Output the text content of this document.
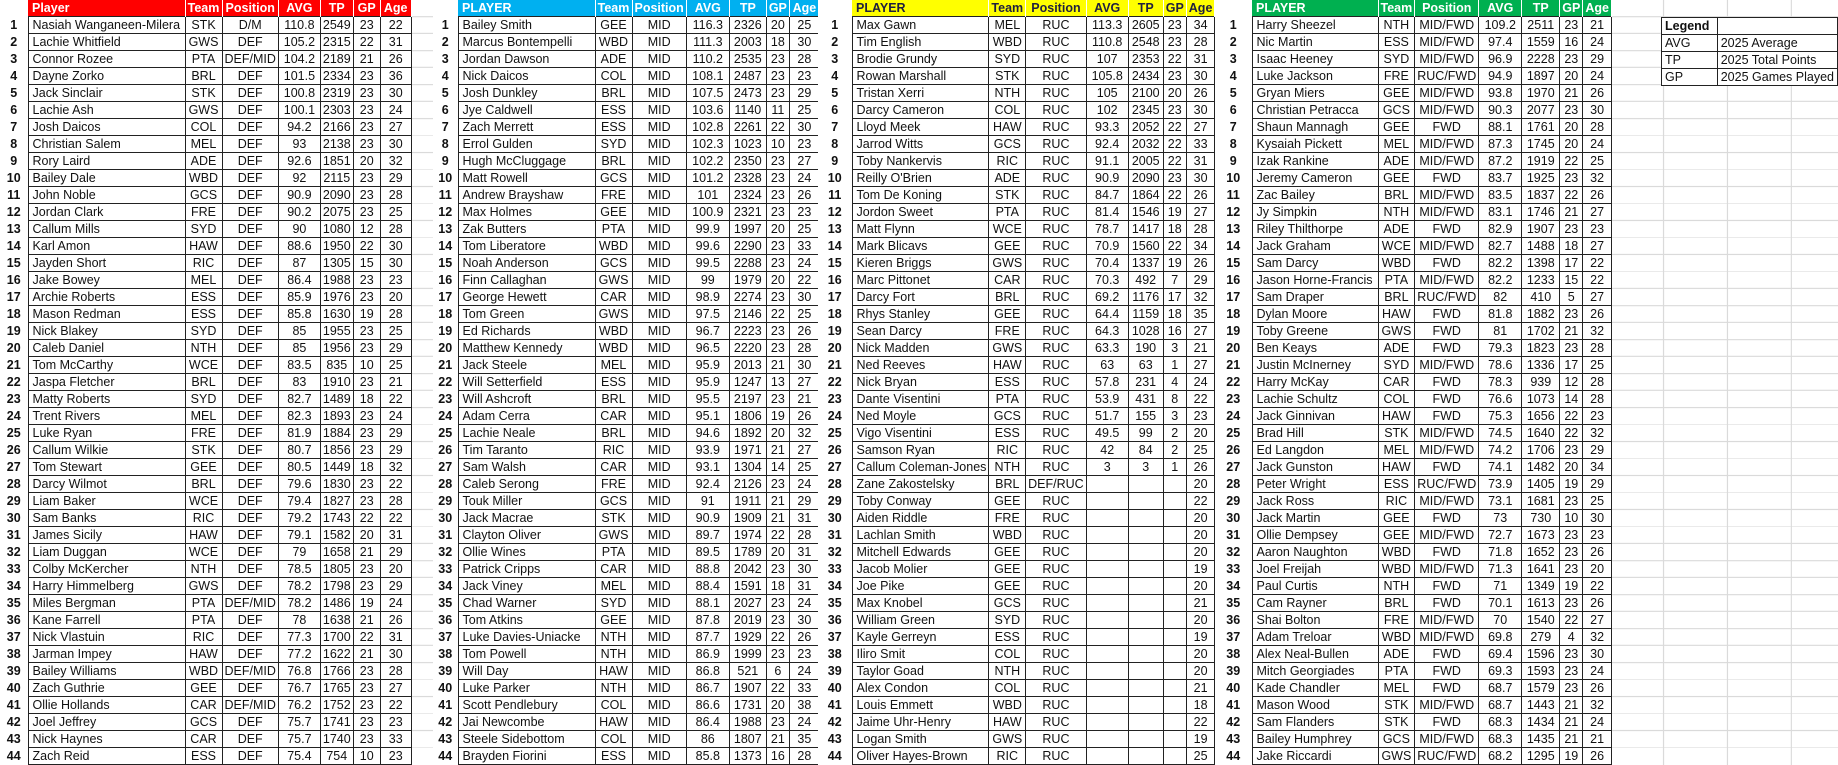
	Player	Team	Position	AVG	TP	GP	Age
1	Nasiah Wanganeen-Milera	STK	D/M	110.8	2549	23	22
2	Lachie Whitfield	GWS	DEF	105.2	2315	22	31
3	Connor Rozee	PTA	DEF/MID	104.2	2189	21	26
4	Dayne Zorko	BRL	DEF	101.5	2334	23	36
5	Jack Sinclair	STK	DEF	100.8	2319	23	30
6	Lachie Ash	GWS	DEF	100.1	2303	23	24
7	Josh Daicos	COL	DEF	94.2	2166	23	27
8	Christian Salem	MEL	DEF	93	2138	23	30
9	Rory Laird	ADE	DEF	92.6	1851	20	32
10	Bailey Dale	WBD	DEF	92	2115	23	29
11	John Noble	GCS	DEF	90.9	2090	23	28
12	Jordan Clark	FRE	DEF	90.2	2075	23	25
13	Callum Mills	SYD	DEF	90	1080	12	28
14	Karl Amon	HAW	DEF	88.6	1950	22	30
15	Jayden Short	RIC	DEF	87	1305	15	30
16	Jake Bowey	MEL	DEF	86.4	1988	23	23
17	Archie Roberts	ESS	DEF	85.9	1976	23	20
18	Mason Redman	ESS	DEF	85.8	1630	19	28
19	Nick Blakey	SYD	DEF	85	1955	23	25
20	Caleb Daniel	NTH	DEF	85	1956	23	29
21	Tom McCarthy	WCE	DEF	83.5	835	10	25
22	Jaspa Fletcher	BRL	DEF	83	1910	23	21
23	Matty Roberts	SYD	DEF	82.7	1489	18	22
24	Trent Rivers	MEL	DEF	82.3	1893	23	24
25	Luke Ryan	FRE	DEF	81.9	1884	23	29
26	Callum Wilkie	STK	DEF	80.7	1856	23	29
27	Tom Stewart	GEE	DEF	80.5	1449	18	32
28	Darcy Wilmot	BRL	DEF	79.6	1830	23	22
29	Liam Baker	WCE	DEF	79.4	1827	23	28
30	Sam Banks	RIC	DEF	79.2	1743	22	22
31	James Sicily	HAW	DEF	79.1	1582	20	31
32	Liam Duggan	WCE	DEF	79	1658	21	29
33	Colby McKercher	NTH	DEF	78.5	1805	23	20
34	Harry Himmelberg	GWS	DEF	78.2	1798	23	29
35	Miles Bergman	PTA	DEF/MID	78.2	1486	19	24
36	Kane Farrell	PTA	DEF	78	1638	21	26
37	Nick Vlastuin	RIC	DEF	77.3	1700	22	31
38	Jarman Impey	HAW	DEF	77.2	1622	21	30
39	Bailey Williams	WBD	DEF/MID	76.8	1766	23	28
40	Zach Guthrie	GEE	DEF	76.7	1765	23	27
41	Ollie Hollands	CAR	DEF/MID	76.2	1752	23	22
42	Joel Jeffrey	GCS	DEF	75.7	1741	23	23
43	Nick Haynes	CAR	DEF	75.7	1740	23	33
44	Zach Reid	ESS	DEF	75.4	754	10	23
	PLAYER	Team	Position	AVG	TP	GP	Age
1	Bailey Smith	GEE	MID	116.3	2326	20	25
2	Marcus Bontempelli	WBD	MID	111.3	2003	18	30
3	Jordan Dawson	ADE	MID	110.2	2535	23	28
4	Nick Daicos	COL	MID	108.1	2487	23	23
5	Josh Dunkley	BRL	MID	107.5	2473	23	29
6	Jye Caldwell	ESS	MID	103.6	1140	11	25
7	Zach Merrett	ESS	MID	102.8	2261	22	30
8	Errol Gulden	SYD	MID	102.3	1023	10	23
9	Hugh McCluggage	BRL	MID	102.2	2350	23	27
10	Matt Rowell	GCS	MID	101.2	2328	23	24
11	Andrew Brayshaw	FRE	MID	101	2324	23	26
12	Max Holmes	GEE	MID	100.9	2321	23	23
13	Zak Butters	PTA	MID	99.9	1997	20	25
14	Tom Liberatore	WBD	MID	99.6	2290	23	33
15	Noah Anderson	GCS	MID	99.5	2288	23	24
16	Finn Callaghan	GWS	MID	99	1979	20	22
17	George Hewett	CAR	MID	98.9	2274	23	30
18	Tom Green	GWS	MID	97.5	2146	22	25
19	Ed Richards	WBD	MID	96.7	2223	23	26
20	Matthew Kennedy	WBD	MID	96.5	2220	23	28
21	Jack Steele	MEL	MID	95.9	2013	21	30
22	Will Setterfield	ESS	MID	95.9	1247	13	27
23	Will Ashcroft	BRL	MID	95.5	2197	23	21
24	Adam Cerra	CAR	MID	95.1	1806	19	26
25	Lachie Neale	BRL	MID	94.6	1892	20	32
26	Tim Taranto	RIC	MID	93.9	1971	21	27
27	Sam Walsh	CAR	MID	93.1	1304	14	25
28	Caleb Serong	FRE	MID	92.4	2126	23	24
29	Touk Miller	GCS	MID	91	1911	21	29
30	Jack Macrae	STK	MID	90.9	1909	21	31
31	Clayton Oliver	GWS	MID	89.7	1974	22	28
32	Ollie Wines	PTA	MID	89.5	1789	20	31
33	Patrick Cripps	CAR	MID	88.8	2042	23	30
34	Jack Viney	MEL	MID	88.4	1591	18	31
35	Chad Warner	SYD	MID	88.1	2027	23	24
36	Tom Atkins	GEE	MID	87.8	2019	23	30
37	Luke Davies-Uniacke	NTH	MID	87.7	1929	22	26
38	Tom Powell	NTH	MID	86.9	1999	23	23
39	Will Day	HAW	MID	86.8	521	6	24
40	Luke Parker	NTH	MID	86.7	1907	22	33
41	Scott Pendlebury	COL	MID	86.6	1731	20	38
42	Jai Newcombe	HAW	MID	86.4	1988	23	24
43	Steele Sidebottom	COL	MID	86	1807	21	35
44	Brayden Fiorini	ESS	MID	85.8	1373	16	28
	PLAYER	Team	Position	AVG	TP	GP	Age
1	Max Gawn	MEL	RUC	113.3	2605	23	34
2	Tim English	WBD	RUC	110.8	2548	23	28
3	Brodie Grundy	SYD	RUC	107	2353	22	31
4	Rowan Marshall	STK	RUC	105.8	2434	23	30
5	Tristan Xerri	NTH	RUC	105	2100	20	26
6	Darcy Cameron	COL	RUC	102	2345	23	30
7	Lloyd Meek	HAW	RUC	93.3	2052	22	27
8	Jarrod Witts	GCS	RUC	92.4	2032	22	33
9	Toby Nankervis	RIC	RUC	91.1	2005	22	31
10	Reilly O'Brien	ADE	RUC	90.9	2090	23	30
11	Tom De Koning	STK	RUC	84.7	1864	22	26
12	Jordon Sweet	PTA	RUC	81.4	1546	19	27
13	Matt Flynn	WCE	RUC	78.7	1417	18	28
14	Mark Blicavs	GEE	RUC	70.9	1560	22	34
15	Kieren Briggs	GWS	RUC	70.4	1337	19	26
16	Marc Pittonet	CAR	RUC	70.3	492	7	29
17	Darcy Fort	BRL	RUC	69.2	1176	17	32
18	Rhys Stanley	GEE	RUC	64.4	1159	18	35
19	Sean Darcy	FRE	RUC	64.3	1028	16	27
20	Nick Madden	GWS	RUC	63.3	190	3	21
21	Ned Reeves	HAW	RUC	63	63	1	27
22	Nick Bryan	ESS	RUC	57.8	231	4	24
23	Dante Visentini	PTA	RUC	53.9	431	8	22
24	Ned Moyle	GCS	RUC	51.7	155	3	23
25	Vigo Visentini	ESS	RUC	49.5	99	2	20
26	Samson Ryan	RIC	RUC	42	84	2	25
27	Callum Coleman-Jones	NTH	RUC	3	3	1	26
28	Zane Zakostelsky	BRL	DEF/RUC				20
29	Toby Conway	GEE	RUC				22
30	Aiden Riddle	FRE	RUC				20
31	Lachlan Smith	WBD	RUC				20
32	Mitchell Edwards	GEE	RUC				20
33	Jacob Molier	GEE	RUC				19
34	Joe Pike	GEE	RUC				20
35	Max Knobel	GCS	RUC				21
36	William Green	SYD	RUC				20
37	Kayle Gerreyn	ESS	RUC				19
38	Iliro Smit	COL	RUC				20
39	Taylor Goad	NTH	RUC				20
40	Alex Condon	COL	RUC				21
41	Louis Emmett	WBD	RUC				18
42	Jaime Uhr-Henry	HAW	RUC				22
43	Logan Smith	GWS	RUC				19
44	Oliver Hayes-Brown	RIC	RUC				25
	PLAYER	Team	Position	AVG	TP	GP	Age
1	Harry Sheezel	NTH	MID/FWD	109.2	2511	23	21
2	Nic Martin	ESS	MID/FWD	97.4	1559	16	24
3	Isaac Heeney	SYD	MID/FWD	96.9	2228	23	29
4	Luke Jackson	FRE	RUC/FWD	94.9	1897	20	24
5	Gryan Miers	GEE	MID/FWD	93.8	1970	21	26
6	Christian Petracca	GCS	MID/FWD	90.3	2077	23	30
7	Shaun Mannagh	GEE	FWD	88.1	1761	20	28
8	Kysaiah Pickett	MEL	MID/FWD	87.3	1745	20	24
9	Izak Rankine	ADE	MID/FWD	87.2	1919	22	25
10	Jeremy Cameron	GEE	FWD	83.7	1925	23	32
11	Zac Bailey	BRL	MID/FWD	83.5	1837	22	26
12	Jy Simpkin	NTH	MID/FWD	83.1	1746	21	27
13	Riley Thilthorpe	ADE	FWD	82.9	1907	23	23
14	Jack Graham	WCE	MID/FWD	82.7	1488	18	27
15	Sam Darcy	WBD	FWD	82.2	1398	17	22
16	Jason Horne-Francis	PTA	MID/FWD	82.2	1233	15	22
17	Sam Draper	BRL	RUC/FWD	82	410	5	27
18	Dylan Moore	HAW	FWD	81.8	1882	23	26
19	Toby Greene	GWS	FWD	81	1702	21	32
20	Ben Keays	ADE	FWD	79.3	1823	23	28
21	Justin McInerney	SYD	MID/FWD	78.6	1336	17	25
22	Harry McKay	CAR	FWD	78.3	939	12	28
23	Lachie Schultz	COL	FWD	76.6	1073	14	28
24	Jack Ginnivan	HAW	FWD	75.3	1656	22	23
25	Brad Hill	STK	MID/FWD	74.5	1640	22	32
26	Ed Langdon	MEL	MID/FWD	74.2	1706	23	29
27	Jack Gunston	HAW	FWD	74.1	1482	20	34
28	Peter Wright	ESS	RUC/FWD	73.9	1405	19	29
29	Jack Ross	RIC	MID/FWD	73.1	1681	23	25
30	Jack Martin	GEE	FWD	73	730	10	30
31	Ollie Dempsey	GEE	MID/FWD	72.7	1673	23	23
32	Aaron Naughton	WBD	FWD	71.8	1652	23	26
33	Joel Freijah	WBD	MID/FWD	71.3	1641	23	20
34	Paul Curtis	NTH	FWD	71	1349	19	22
35	Cam Rayner	BRL	FWD	70.1	1613	23	26
36	Shai Bolton	FRE	MID/FWD	70	1540	22	27
37	Adam Treloar	WBD	MID/FWD	69.8	279	4	32
38	Alex Neal-Bullen	ADE	FWD	69.4	1596	23	30
39	Mitch Georgiades	PTA	FWD	69.3	1593	23	24
40	Kade Chandler	MEL	FWD	68.7	1579	23	26
41	Mason Wood	STK	MID/FWD	68.7	1443	21	32
42	Sam Flanders	STK	FWD	68.3	1434	21	24
43	Bailey Humphrey	GCS	MID/FWD	68.3	1435	21	21
44	Jake Riccardi	GWS	RUC/FWD	68.2	1295	19	26
Legend	
AVG	2025 Average
TP	2025 Total Points
GP	2025 Games Played
